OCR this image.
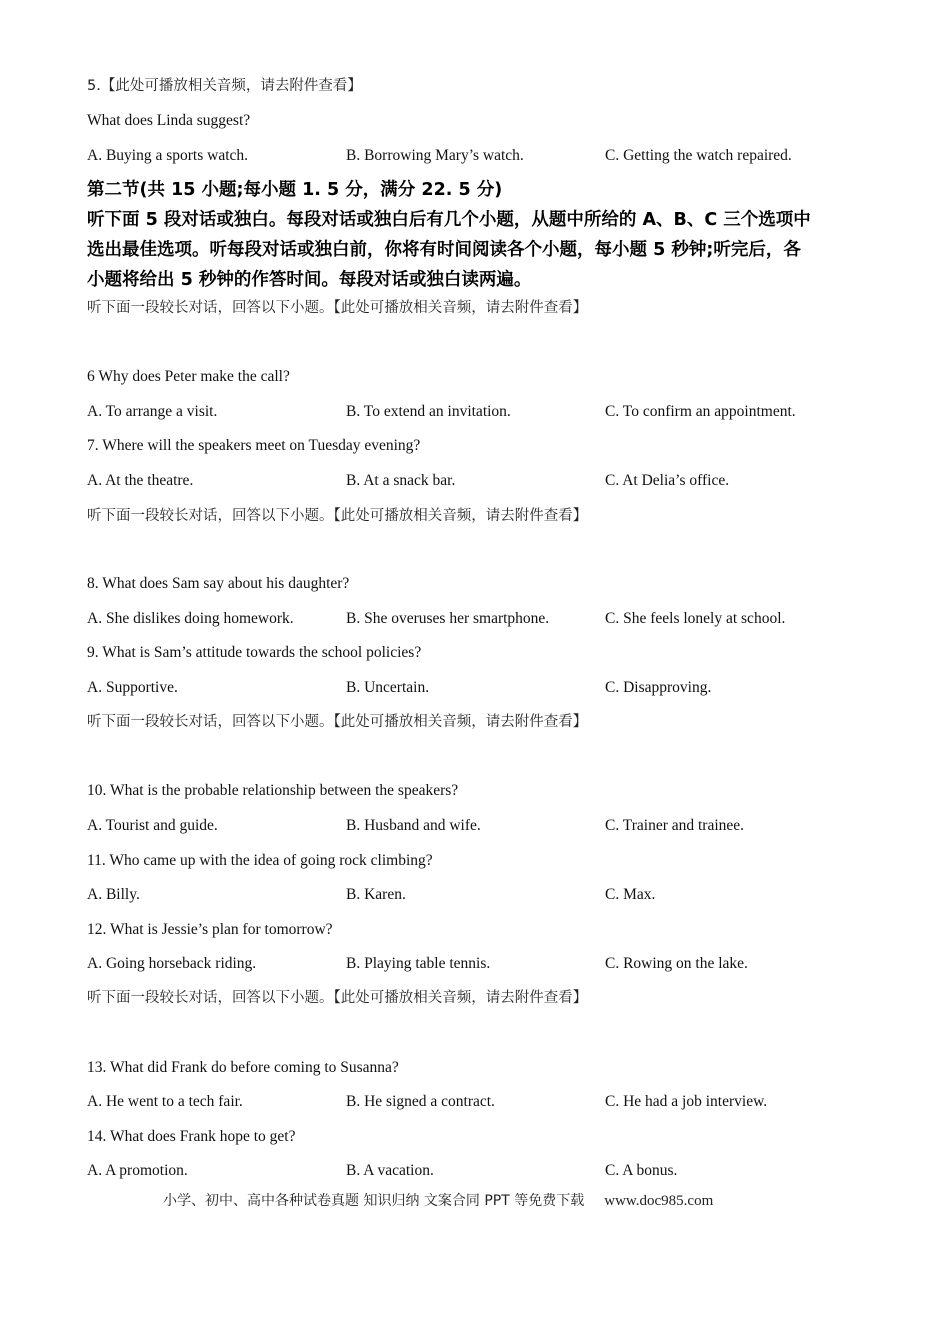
5.【此处可播放相关音频，请去附件查看】
What does Linda suggest?
A. Buying a sports watch.	B. Borrowing Mary’s watch.	C. Getting the watch repaired.
第二节(共 15 小题;每小题 1. 5 分，满分 22. 5 分)
听下面 5 段对话或独白。每段对话或独白后有几个小题，从题中所给的 A、B、C 三个选项中
选出最佳选项。听每段对话或独白前，你将有时间阅读各个小题，每小题 5 秒钟;听完后，各
小题将给出 5 秒钟的作答时间。每段对话或独白读两遍。
听下面一段较长对话，回答以下小题。【此处可播放相关音频，请去附件查看】
6 Why does Peter make the call?
A. To arrange a visit.	B. To extend an invitation.	C. To confirm an appointment.
7. Where will the speakers meet on Tuesday evening?
A. At the theatre.	B. At a snack bar.	C. At Delia’s office.
听下面一段较长对话，回答以下小题。【此处可播放相关音频，请去附件查看】
8. What does Sam say about his daughter?
A. She dislikes doing homework.	B. She overuses her smartphone.	C. She feels lonely at school.
9. What is Sam’s attitude towards the school policies?
A. Supportive.	B. Uncertain.	C. Disapproving.
听下面一段较长对话，回答以下小题。【此处可播放相关音频，请去附件查看】
10. What is the probable relationship between the speakers?
A. Tourist and guide.	B. Husband and wife.	C. Trainer and trainee.
11. Who came up with the idea of going rock climbing?
A. Billy.	B. Karen.	C. Max.
12. What is Jessie’s plan for tomorrow?
A. Going horseback riding.	B. Playing table tennis.	C. Rowing on the lake.
听下面一段较长对话，回答以下小题。【此处可播放相关音频，请去附件查看】
13. What did Frank do before coming to Susanna?
A. He went to a tech fair.	B. He signed a contract.	C. He had a job interview.
14. What does Frank hope to get?
A. A promotion.	B. A vacation.	C. A bonus.
小学、初中、高中各种试卷真题 知识归纳 文案合同 PPT 等免费下载 www.doc985.com
